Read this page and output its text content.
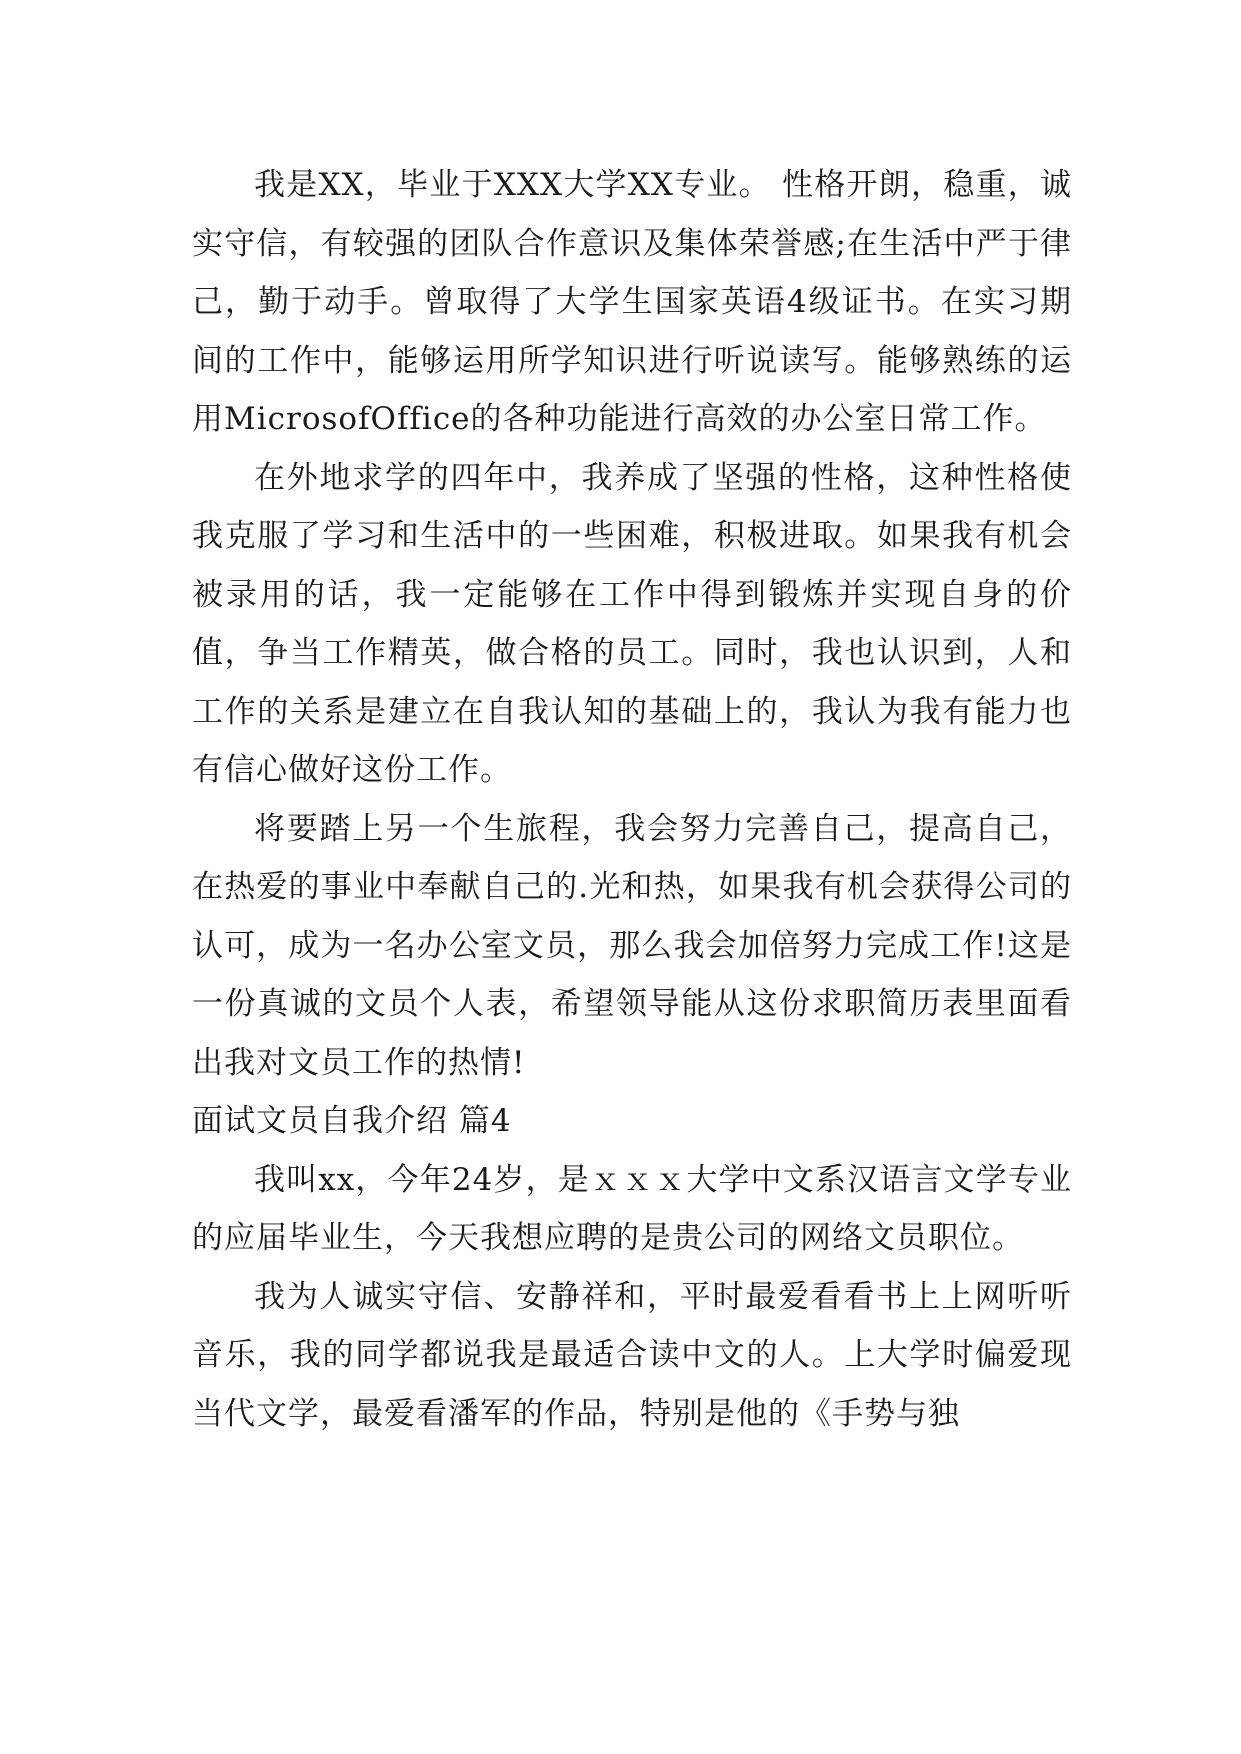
我是XX，毕业于XXX大学XX专业。 性格开朗，稳重，诚实守信，有较强的团队合作意识及集体荣誉感;在生活中严于律己，勤于动手。曾取得了大学生国家英语4级证书。在实习期间的工作中，能够运用所学知识进行听说读写。能够熟练的运用MicrosofOffice的各种功能进行高效的办公室日常工作。

在外地求学的四年中，我养成了坚强的性格，这种性格使我克服了学习和生活中的一些困难，积极进取。如果我有机会被录用的话，我一定能够在工作中得到锻炼并实现自身的价值，争当工作精英，做合格的员工。同时，我也认识到，人和工作的关系是建立在自我认知的基础上的，我认为我有能力也有信心做好这份工作。

将要踏上另一个生旅程，我会努力完善自己，提高自己，在热爱的事业中奉献自己的.光和热，如果我有机会获得公司的认可，成为一名办公室文员，那么我会加倍努力完成工作!这是一份真诚的文员个人表，希望领导能从这份求职简历表里面看出我对文员工作的热情!

面试文员自我介绍 篇4

我叫xx，今年24岁，是ｘｘｘ大学中文系汉语言文学专业的应届毕业生，今天我想应聘的是贵公司的网络文员职位。

我为人诚实守信、安静祥和，平时最爱看看书上上网听听音乐，我的同学都说我是最适合读中文的人。上大学时偏爱现当代文学，最爱看潘军的作品，特别是他的《手势与独
